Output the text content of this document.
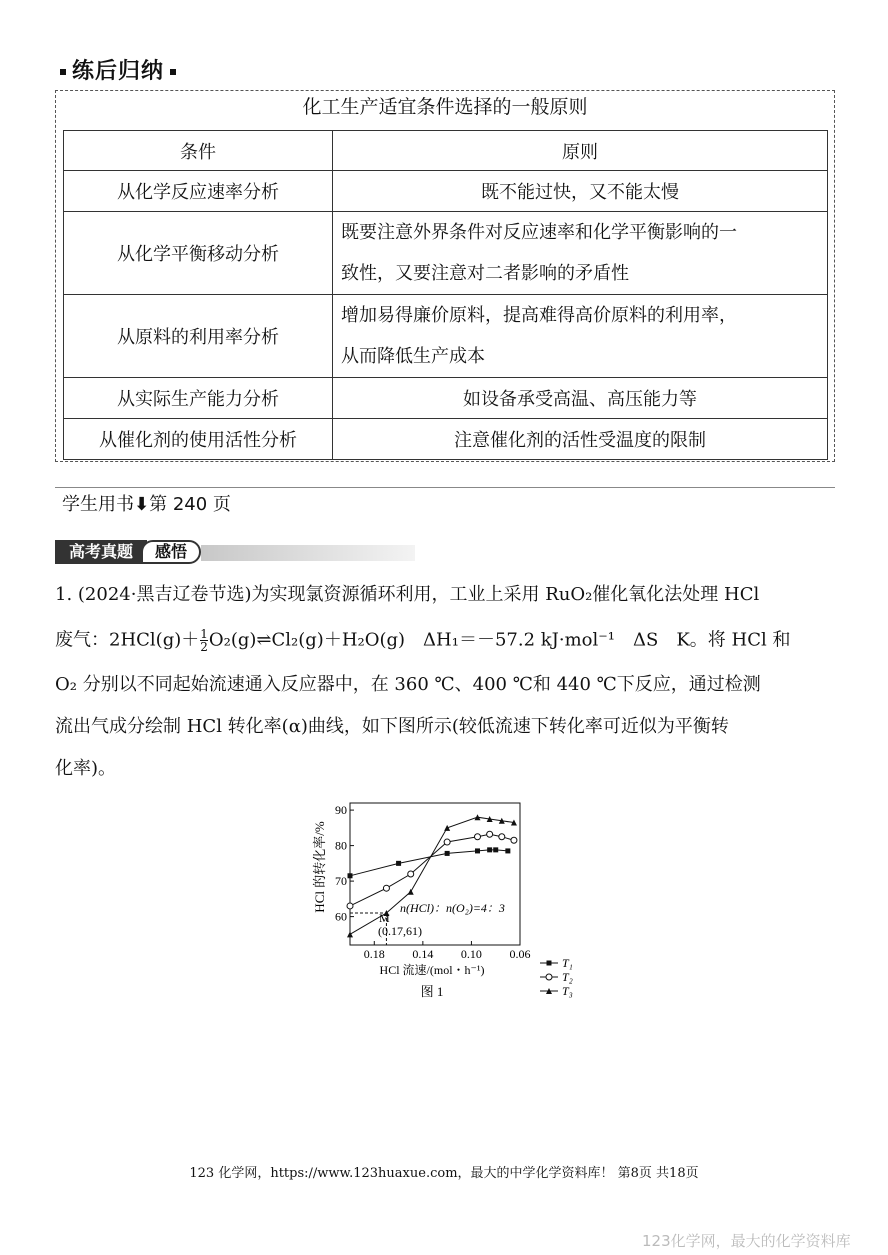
练后归纳
化工生产适宜条件选择的一般原则
条件	原则
从化学反应速率分析	既不能过快，又不能太慢
从化学平衡移动分析	既要注意外界条件对反应速率和化学平衡影响的一
致性，又要注意对二者影响的矛盾性

从原料的利用率分析	增加易得廉价原料，提高难得高价原料的利用率，
从而降低生产成本

从实际生产能力分析	如设备承受高温、高压能力等
从催化剂的使用活性分析	注意催化剂的活性受温度的限制
学生用书⬇第 240 页
高考真题	感悟
1. (2024·黑吉辽卷节选)为实现氯资源循环利用，工业上采用 RuO₂催化氧化法处理 HCl
废气：$2HCl(g)+ \frac{1}{2}$ O₂(g)⇌Cl₂(g)＋H₂O(g)　ΔH₁＝－57.2 kJ·mol⁻¹　ΔS　K。将 HCl 和
O₂ 分别以不同起始流速通入反应器中，在 360 ℃、400 ℃和 440 ℃下反应，通过检测
流出气成分绘制 HCl 转化率(α)曲线，如下图所示(较低流速下转化率可近似为平衡转
化率)。
0.18 0.14 0.10 0.06
60
70
80
90
HCl 的转化率/%
HCl 流速/(mol・h⁻¹)
图 1
n(HCl)：n(O₂)=4：3
M
(0.17,61)
T₁
T₂
T₃
123 化学网，https://www.123huaxue.com，最大的中学化学资料库！ 第8页 共18页
123化学网，最大的化学资料库
